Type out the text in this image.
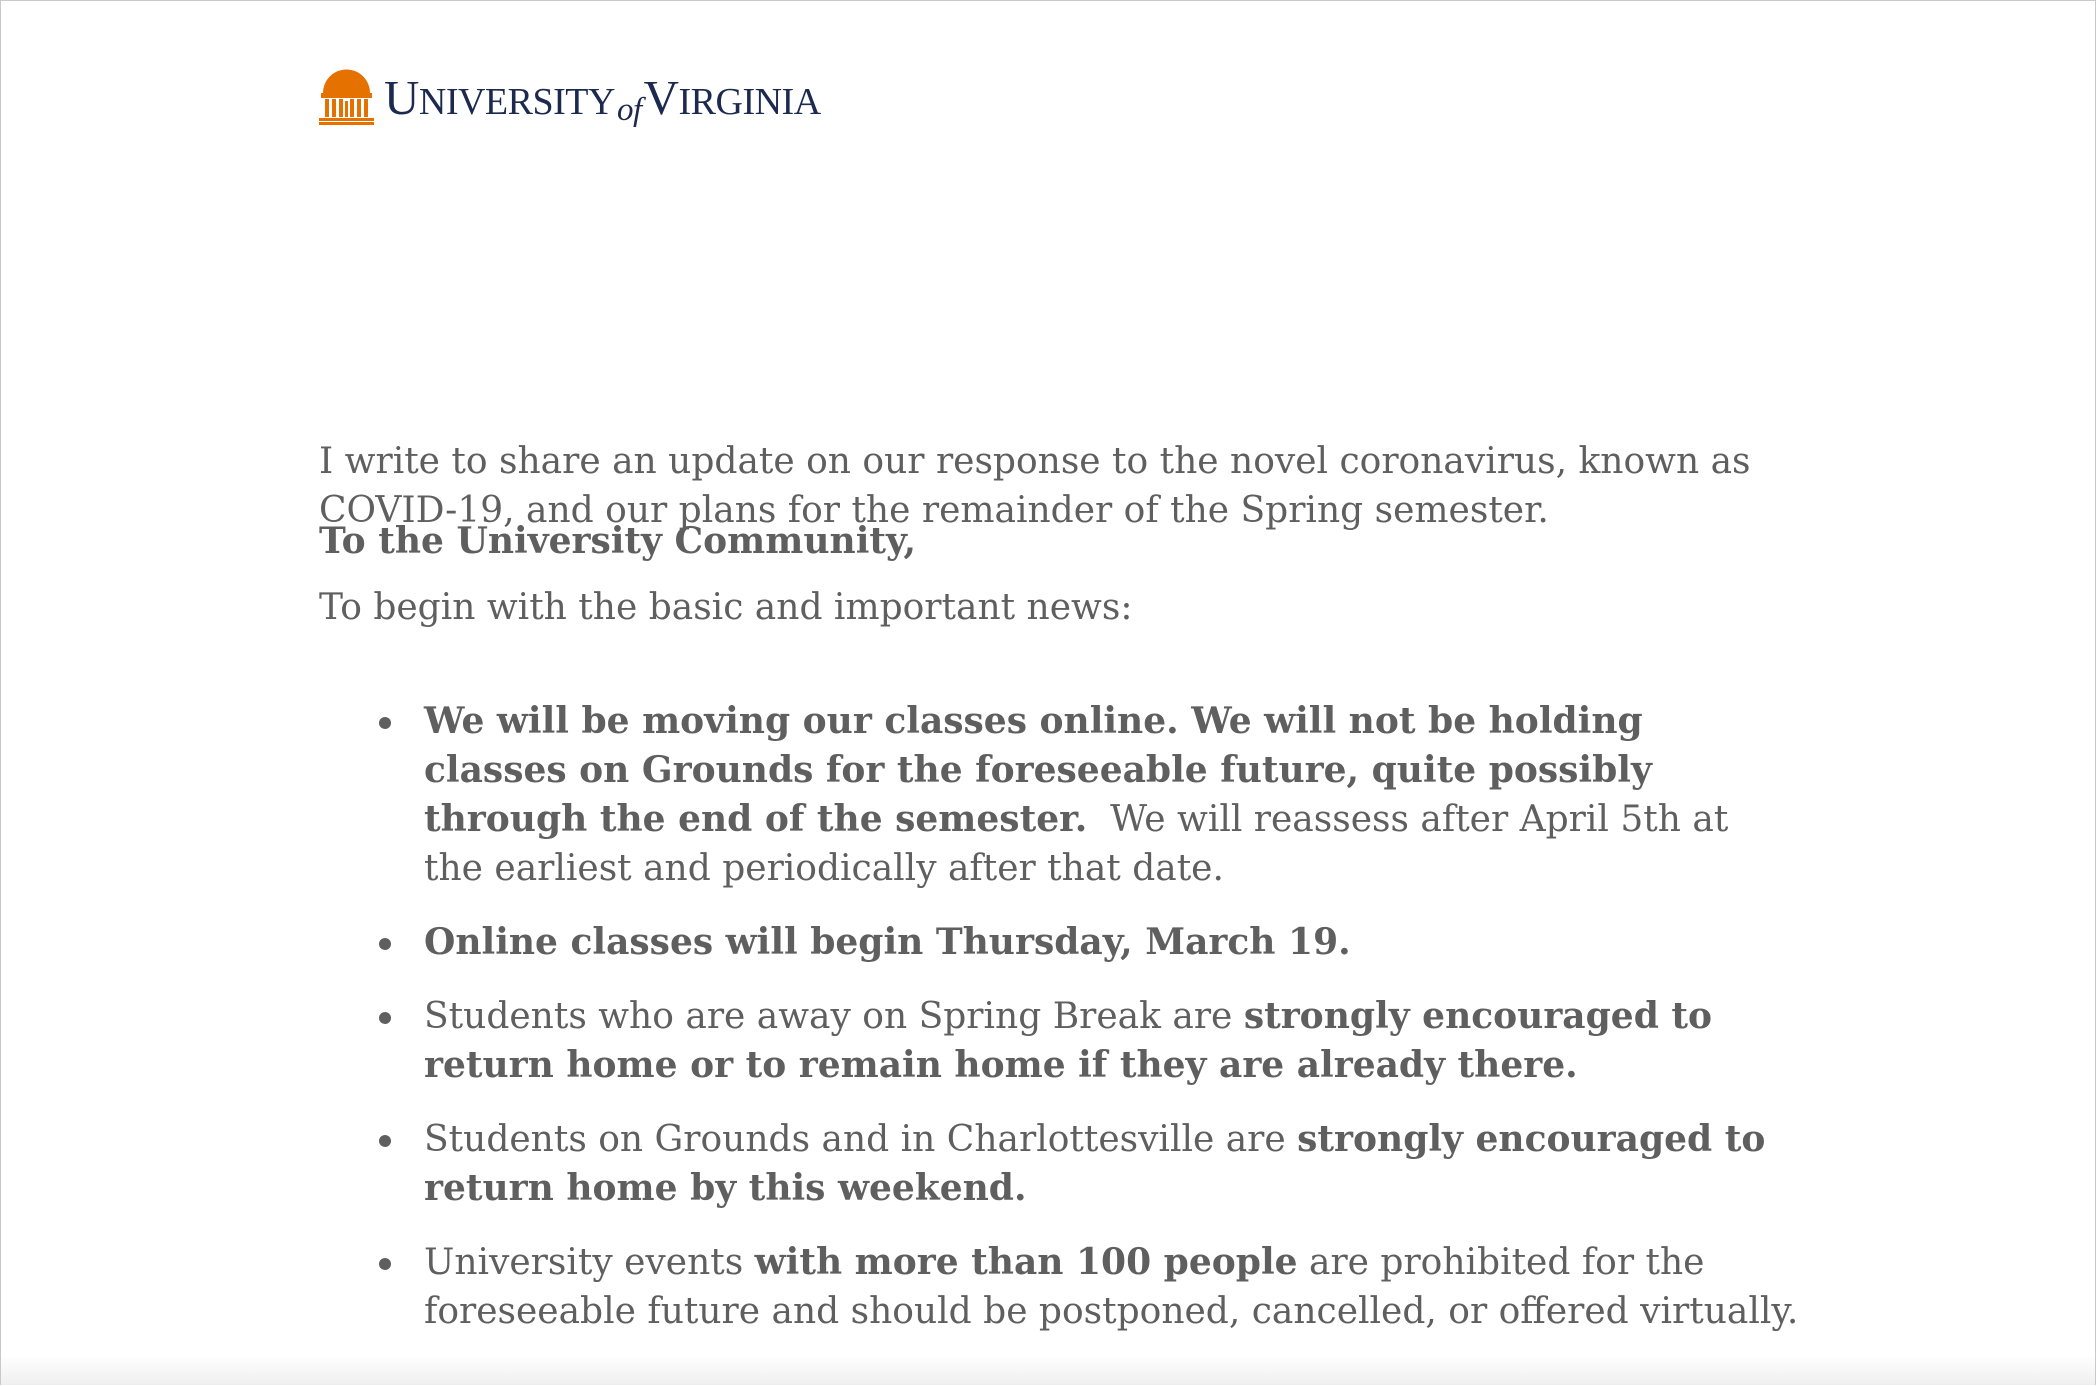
UNIVERSITYofVIRGINIA
To the University Community,
I write to share an update on our response to the novel coronavirus, known as
COVID-19, and our plans for the remainder of the Spring semester.
To begin with the basic and important news:
We will be moving our classes online. We will not be holding
classes on Grounds for the foreseeable future, quite possibly
through the end of the semester.  We will reassess after April 5th at
the earliest and periodically after that date.
Online classes will begin Thursday, March 19.
Students who are away on Spring Break are strongly encouraged to
return home or to remain home if they are already there.
Students on Grounds and in Charlottesville are strongly encouraged to
return home by this weekend.
University events with more than 100 people are prohibited for the
foreseeable future and should be postponed, cancelled, or offered virtually.
